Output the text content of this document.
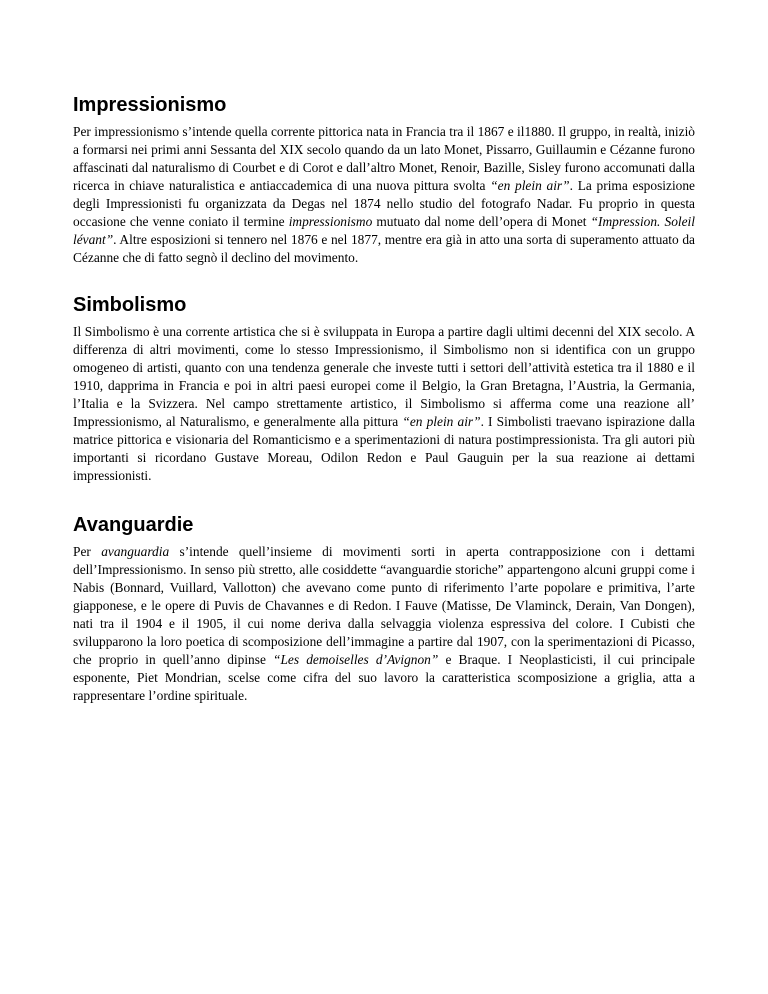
Impressionismo

Per impressionismo s’intende quella corrente pittorica nata in Francia tra il 1867 e il1880. Il gruppo, in realtà, iniziò a formarsi nei primi anni Sessanta del XIX secolo quando da un lato Monet, Pissarro, Guillaumin e Cézanne furono affascinati dal naturalismo di Courbet e di Corot e dall’altro Monet, Renoir, Bazille, Sisley furono accomunati dalla ricerca in chiave naturalistica e antiaccademica di una nuova pittura svolta “en plein air”. La prima esposizione degli Impressionisti fu organizzata da Degas nel 1874 nello studio del fotografo Nadar. Fu proprio in questa occasione che venne coniato il termine impressionismo mutuato dal nome dell’opera di Monet “Impression. Soleil lévant”. Altre esposizioni si tennero nel 1876 e nel 1877, mentre era già in atto una sorta di superamento attuato da Cézanne che di fatto segnò il declino del movimento.

Simbolismo

Il Simbolismo è una corrente artistica che si è sviluppata in Europa a partire dagli ultimi decenni del XIX secolo. A differenza di altri movimenti, come lo stesso Impressionismo, il Simbolismo non si identifica con un gruppo omogeneo di artisti, quanto con una tendenza generale che investe tutti i settori dell’attività estetica tra il 1880 e il 1910, dapprima in Francia e poi in altri paesi europei come il Belgio, la Gran Bretagna, l’Austria, la Germania, l’Italia e la Svizzera. Nel campo strettamente artistico, il Simbolismo si afferma come una reazione all’ Impressionismo, al Naturalismo, e generalmente alla pittura “en plein air”. I Simbolisti traevano ispirazione dalla matrice pittorica e visionaria del Romanticismo e a sperimentazioni di natura postimpressionista. Tra gli autori più importanti si ricordano Gustave Moreau, Odilon Redon e Paul Gauguin per la sua reazione ai dettami impressionisti.

Avanguardie

Per avanguardia s’intende quell’insieme di movimenti sorti in aperta contrapposizione con i dettami dell’Impressionismo. In senso più stretto, alle cosiddette “avanguardie storiche” appartengono alcuni gruppi come i Nabis (Bonnard, Vuillard, Vallotton) che avevano come punto di riferimento l’arte popolare e primitiva, l’arte giapponese, e le opere di Puvis de Chavannes e di Redon. I Fauve (Matisse, De Vlaminck, Derain, Van Dongen), nati tra il 1904 e il 1905, il cui nome deriva dalla selvaggia violenza espressiva del colore. I Cubisti che svilupparono la loro poetica di scomposizione dell’immagine a partire dal 1907, con la sperimentazioni di Picasso, che proprio in quell’anno dipinse “Les demoiselles d’Avignon” e Braque. I Neoplasticisti, il cui principale esponente, Piet Mondrian, scelse come cifra del suo lavoro la caratteristica scomposizione a griglia, atta a rappresentare l’ordine spirituale.
